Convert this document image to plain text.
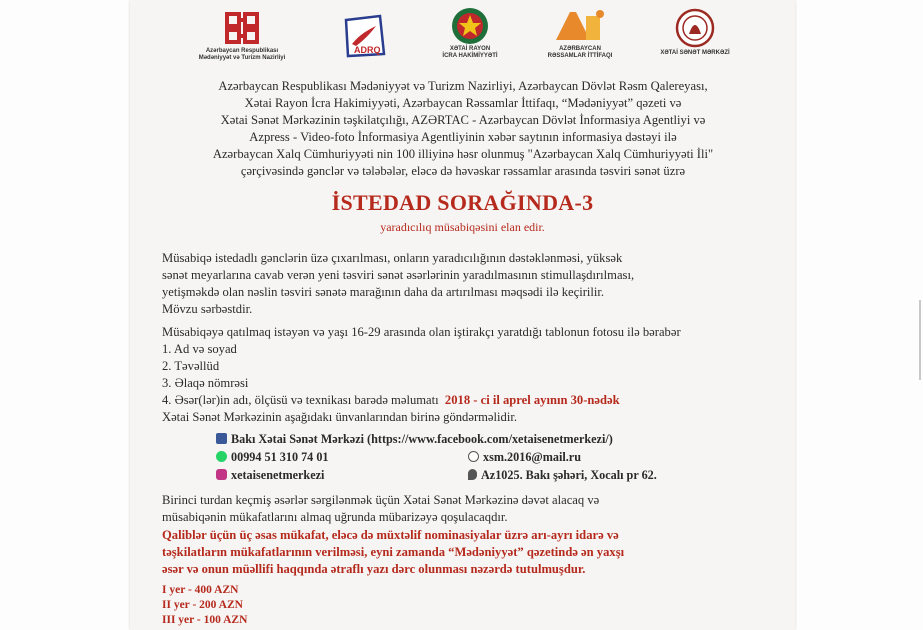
Azərbaycan Respublikası
Mədəniyyət və Turizm Nazirliyi
ADRQ	XƏTAİ RAYON
İCRA HAKİMİYYƏTİ
AZƏRBAYCAN
RƏSSAMLAR İTTİFAQI	XƏTAİ SƏNƏT MƏRKƏZİ
Azərbaycan Respublikası Mədəniyyət və Turizm Nazirliyi, Azərbaycan Dövlət Rəsm Qalereyası,
Xətai Rayon İcra Hakimiyyəti, Azərbaycan Rəssamlar İttifaqı, “Mədəniyyət” qəzeti və
Xətai Sənət Mərkəzinin təşkilatçılığı, AZƏRTAC - Azərbaycan Dövlət İnformasiya Agentliyi və
Azpress - Video-foto İnformasiya Agentliyinin xəbər saytının informasiya dəstəyi ilə
Azərbaycan Xalq Cümhuriyyəti nin 100 illiyinə həsr olunmuş "Azərbaycan Xalq Cümhuriyyəti İli"
çərçivəsində gənclər və tələbələr, eləcə də həvəskar rəssamlar arasında təsviri sənət üzrə
İSTEDAD SORAĞINDA-3
yaradıcılıq müsabiqəsini elan edir.
Müsabiqə istedadlı gənclərin üzə çıxarılması, onların yaradıcılığının dəstəklənməsi, yüksək
sənət meyarlarına cavab verən yeni təsviri sənət əsərlərinin yaradılmasının stimullaşdırılması,
yetişməkdə olan nəslin təsviri sənətə marağının daha da artırılması məqsədi ilə keçirilir.
Mövzu sərbəstdir.
Müsabiqəyə qatılmaq istəyən və yaşı 16-29 arasında olan iştirakçı yaratdığı tablonun fotosu ilə bərabər
1. Ad və soyad
2. Təvəllüd
3. Əlaqə nömrəsi
4. Əsər(lər)in adı, ölçüsü və texnikası barədə məlumatı 2018 - ci il aprel ayının 30-nədək
Xətai Sənət Mərkəzinin aşağıdakı ünvanlarından birinə göndərməlidir.
Bakı Xətai Sənət Mərkəzi (https://www.facebook.com/xetaisenetmerkezi/)
00994 51 310 74 01	xsm.2016@mail.ru
xetaisenetmerkezi	Az1025. Bakı şəhəri, Xocalı pr 62.
Birinci turdan keçmiş əsərlər sərgilənmək üçün Xətai Sənət Mərkəzinə dəvət alacaq və
müsabiqənin mükafatlarını almaq uğrunda mübarizəyə qoşulacaqdır.
Qaliblər üçün üç əsas mükafat, eləcə də müxtəlif nominasiyalar üzrə arı-ayrı idarə və
təşkilatların mükafatlarının verilməsi, eyni zamanda “Mədəniyyət” qəzetində ən yaxşı
əsər və onun müəllifi haqqında ətraflı yazı dərc olunması nəzərdə tutulmuşdur.
I yer - 400 AZN
II yer - 200 AZN
III yer - 100 AZN
